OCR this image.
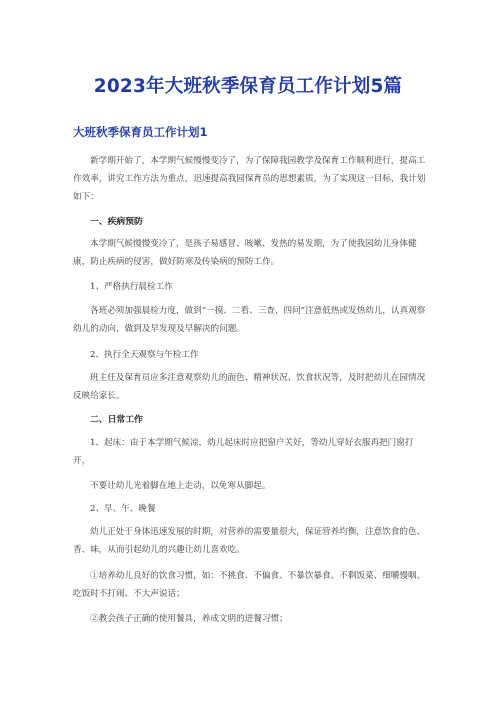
2023年大班秋季保育员工作计划5篇
大班秋季保育员工作计划1

新学期开始了，本学期气候慢慢变冷了，为了保障我园教学及保育工作顺利进行，提高工作效率，讲究工作方法为重点，迅速提高我园保育员的思想素质，为了实现这一目标，我计划如下：

一、疾病预防

本学期气候慢慢变冷了，是孩子易感冒、咳嗽、发热的易发期，为了使我园幼儿身体健康，防止疾病的侵害，做好防寒及传染病的预防工作。

1、严格执行晨检工作

各班必须加强晨检力度，做到“一摸、二看、三查、四问”注意低热或发热幼儿，认真观察幼儿的动向，做到及早发现及早解决的问题。

2、执行全天观察与午检工作

班主任及保育员应多注意观察幼儿的面色、精神状况、饮食状况等，及时把幼儿在园情况反映给家长。

二、日常工作

1、起床：由于本学期气候凉，幼儿起床时应把窗户关好，等幼儿穿好衣服再把门窗打开，

不要让幼儿光着脚在地上走动，以免寒从脚起。

2、早、午、晚餐

幼儿正处于身体迅速发展的时期，对营养的需要量很大，保证营养均衡，注意饮食的色、香、味，从而引起幼儿的兴趣让幼儿喜欢吃。

①培养幼儿良好的饮食习惯，如：不挑食、不偏食、不暴饮暴食、不剩饭菜、细嚼慢咽、吃饭时不打闹、不大声说话；

②教会孩子正确的使用餐具，养成文明的进餐习惯；
